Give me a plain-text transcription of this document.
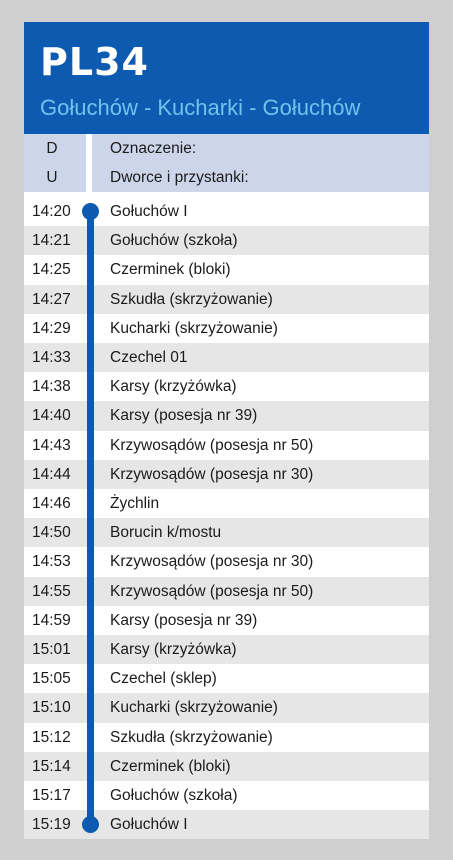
PL34
Gołuchów - Kucharki - Gołuchów
D	Oznaczenie:
U	Dworce i przystanki:
14:20	Gołuchów I
14:21	Gołuchów (szkoła)
14:25	Czerminek (bloki)
14:27	Szkudła (skrzyżowanie)
14:29	Kucharki (skrzyżowanie)
14:33	Czechel 01
14:38	Karsy (krzyżówka)
14:40	Karsy (posesja nr 39)
14:43	Krzywosądów (posesja nr 50)
14:44	Krzywosądów (posesja nr 30)
14:46	Żychlin
14:50	Borucin k/mostu
14:53	Krzywosądów (posesja nr 30)
14:55	Krzywosądów (posesja nr 50)
14:59	Karsy (posesja nr 39)
15:01	Karsy (krzyżówka)
15:05	Czechel (sklep)
15:10	Kucharki (skrzyżowanie)
15:12	Szkudła (skrzyżowanie)
15:14	Czerminek (bloki)
15:17	Gołuchów (szkoła)
15:19	Gołuchów I
